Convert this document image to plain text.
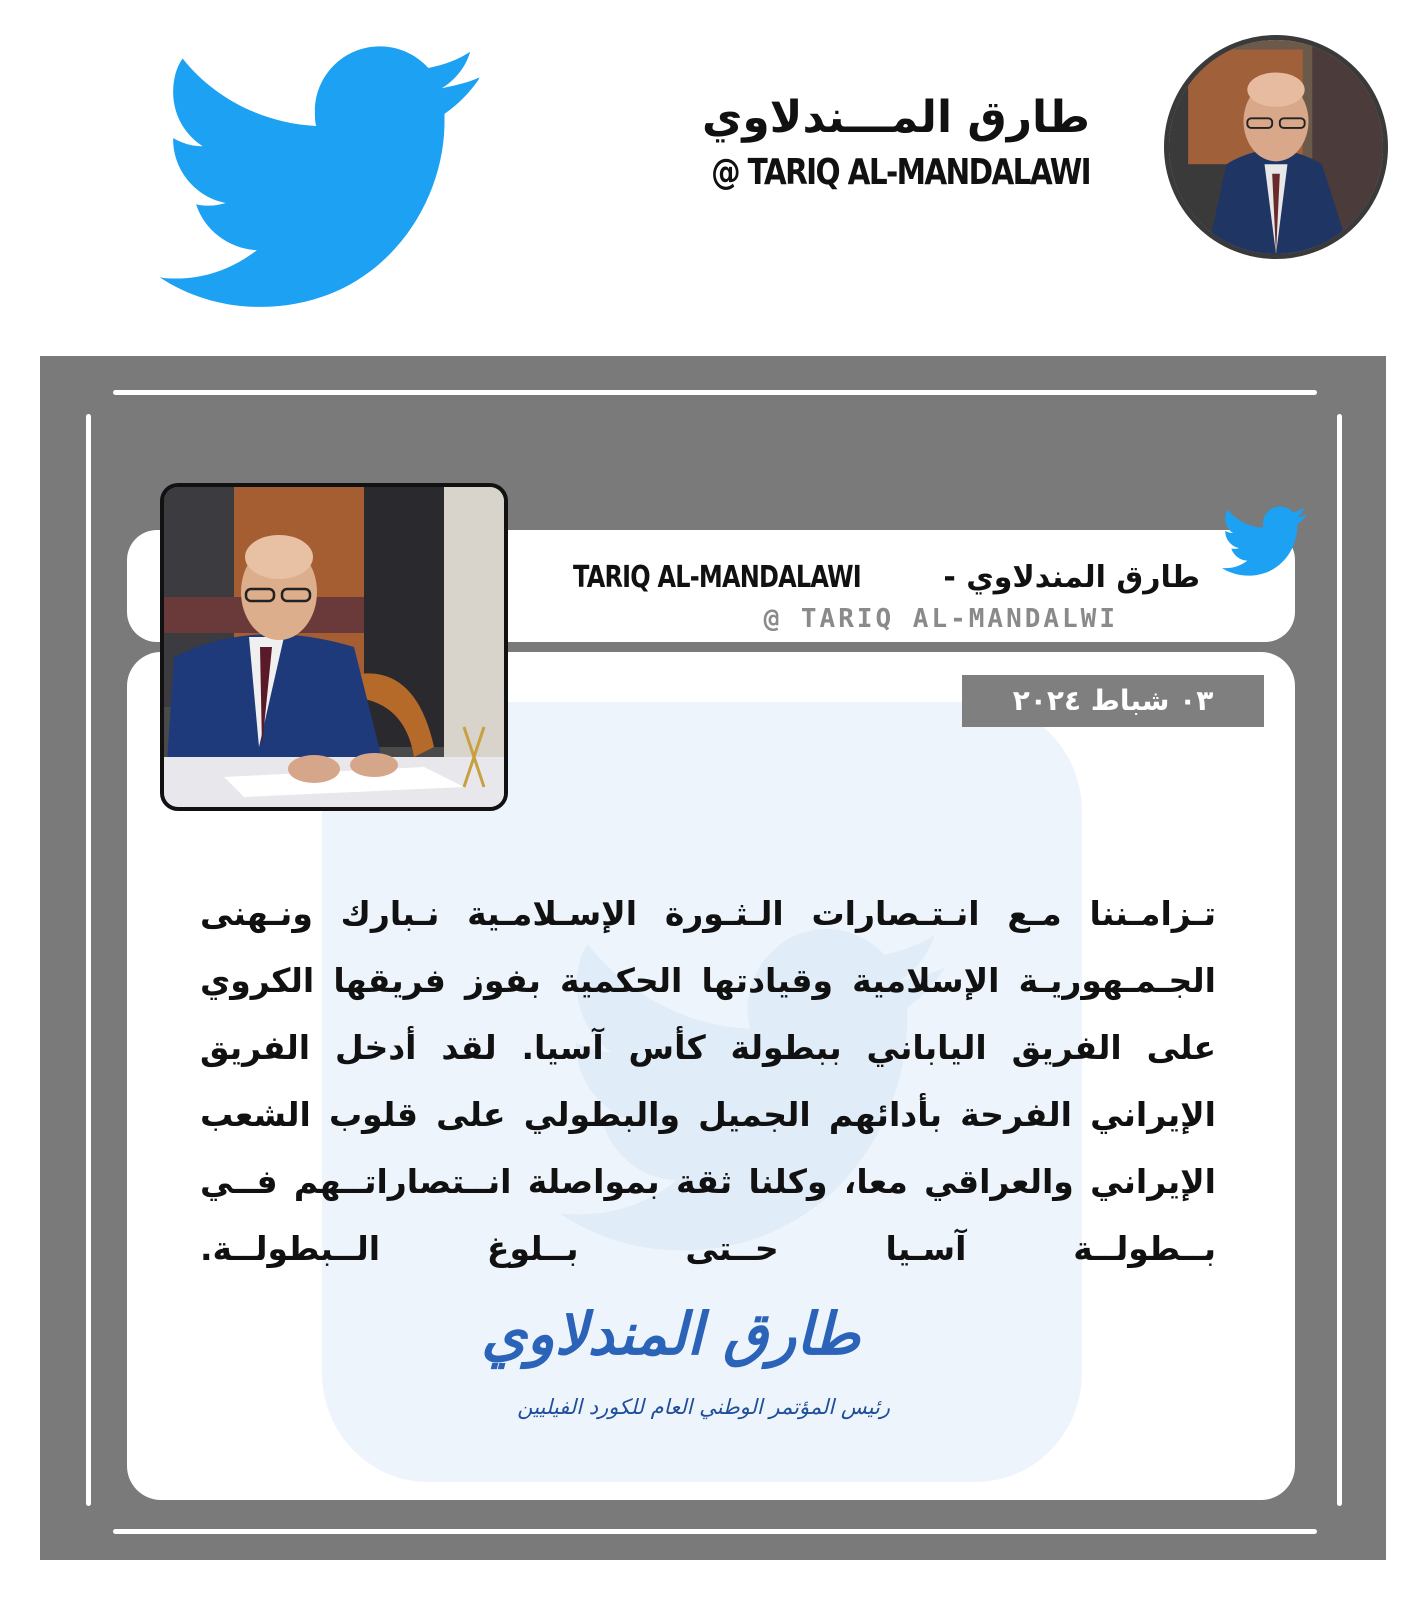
طارق المـــندلاوي
@ TARIQ AL-MANDALAWI
طارق المندلاوي - TARIQ AL-MANDALAWI
@ TARIQ AL-MANDALWI
٠٣ شباط ٢٠٢٤
تـزامـننا مـع انـتـصارات الـثـورة الإسـلامـية نـبارك ونـهنى الجـمـهوريـة الإسلامية وقيادتها الحكمية بفوز فريقها الكروي على الفريق الياباني ببطولة كأس آسيا. لقد أدخل الفريق الإيراني الفرحة بأدائهم الجميل والبطولي على قلوب الشعب الإيراني والعراقي معا، وكلنا ثقة بمواصلة انــتصاراتــهم فــي بــطولــة آسـيا حــتى بــلوغ الــبطولــة.
طارق المندلاوي
رئيس المؤتمر الوطني العام للكورد الفيليين
